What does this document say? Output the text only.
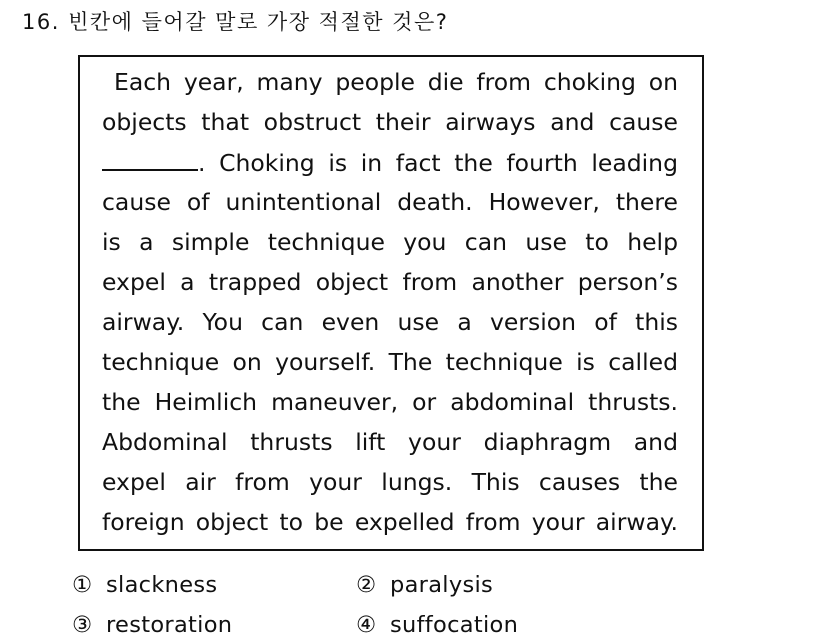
16. 빈칸에 들어갈 말로 가장 적절한 것은?
Each year, many people die from choking on
objects that obstruct their airways and cause
. Choking is in fact the fourth leading
cause of unintentional death. However, there
is a simple technique you can use to help
expel a trapped object from another person’s
airway. You can even use a version of this
technique on yourself. The technique is called
the Heimlich maneuver, or abdominal thrusts.
Abdominal thrusts lift your diaphragm and
expel air from your lungs. This causes the
foreign object to be expelled from your airway.
① slackness	② paralysis
③ restoration	④ suffocation
